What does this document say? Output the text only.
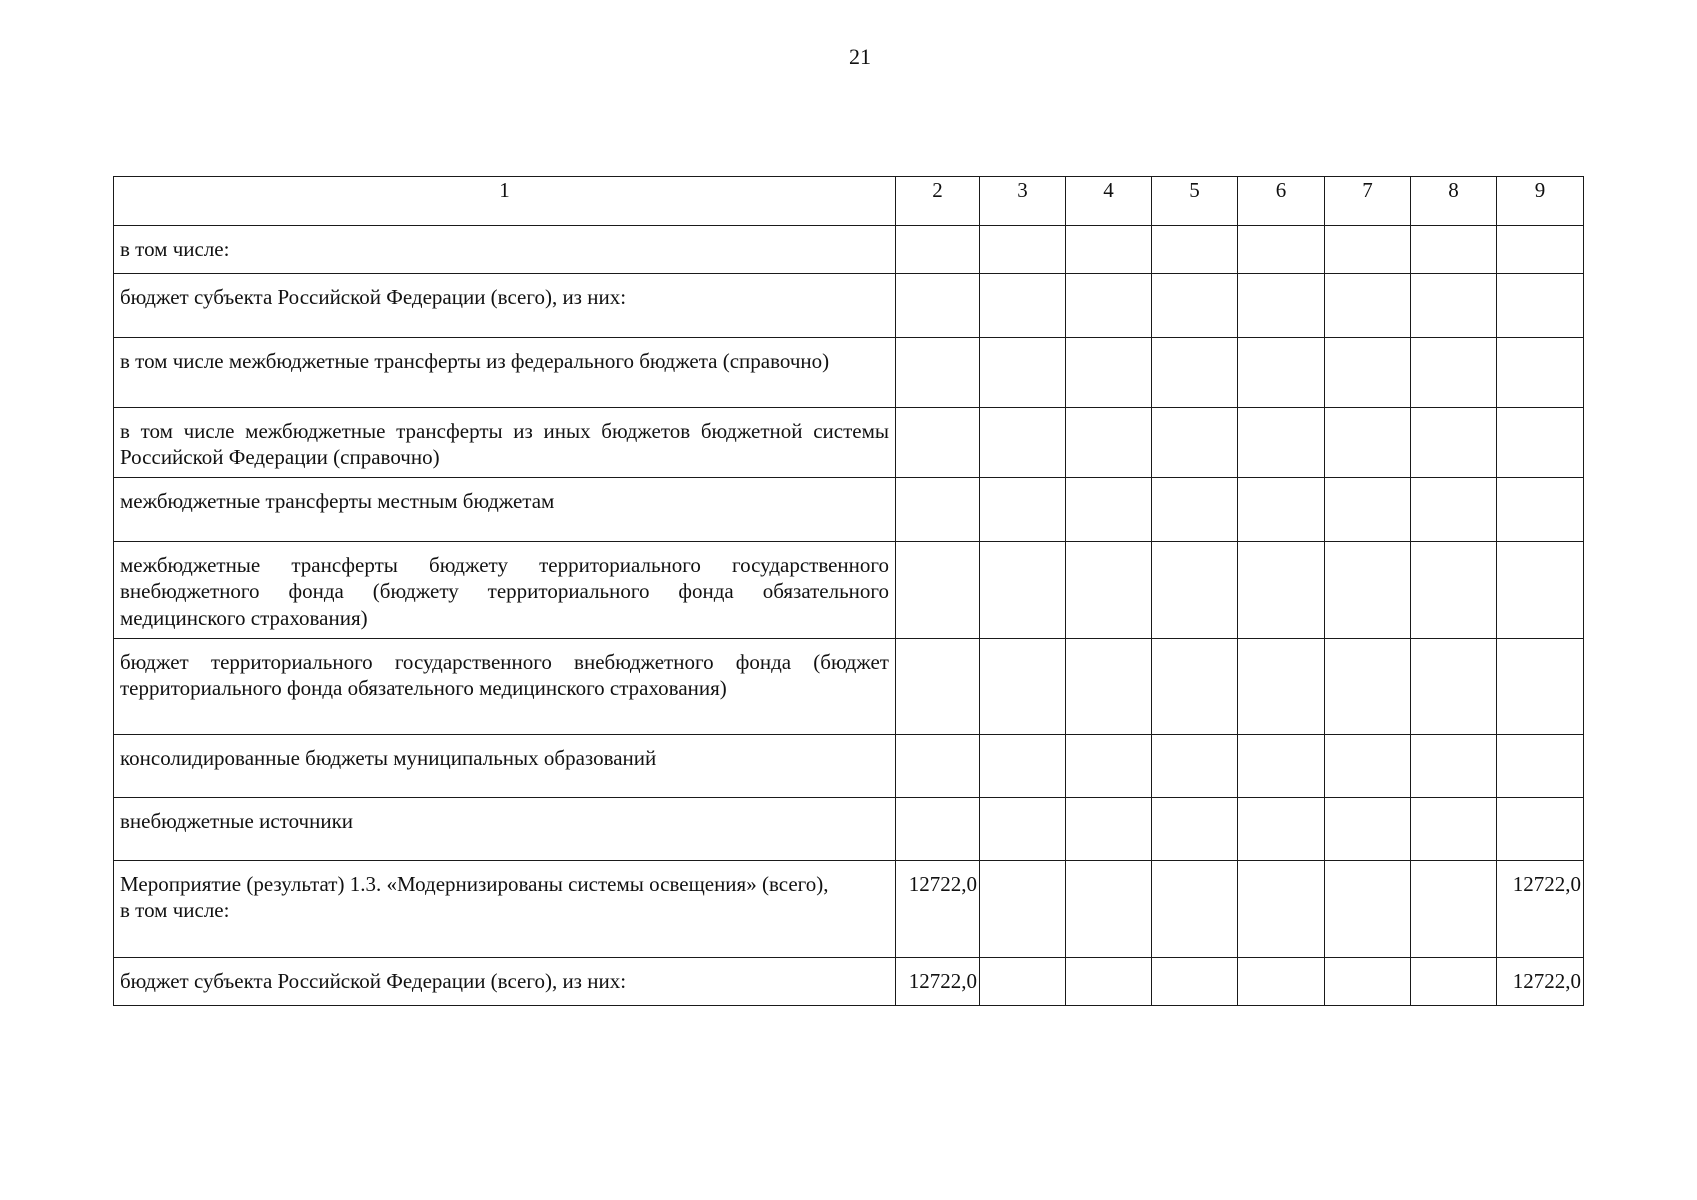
21
1	2	3	4	5	6	7	8	9
в том числе:								
бюджет субъекта Российской Федерации (всего), из них:								
в том числе межбюджетные трансферты из федерального бюджета (справочно)								
в том числе межбюджетные трансферты из иных бюджетов бюджетной системы Российской Федерации (справочно)								
межбюджетные трансферты местным бюджетам								
межбюджетные трансферты бюджету территориального государственного внебюджетного фонда (бюджету территориального фонда обязательного медицинского страхования)								
бюджет территориального государственного внебюджетного фонда (бюджет территориального фонда обязательного медицинского страхования)								
консолидированные бюджеты муниципальных образований								
внебюджетные источники								
Мероприятие (результат) 1.3. «Модернизированы системы освещения» (всего),
в том числе:	12722,0							12722,0
бюджет субъекта Российской Федерации (всего), из них:	12722,0							12722,0
